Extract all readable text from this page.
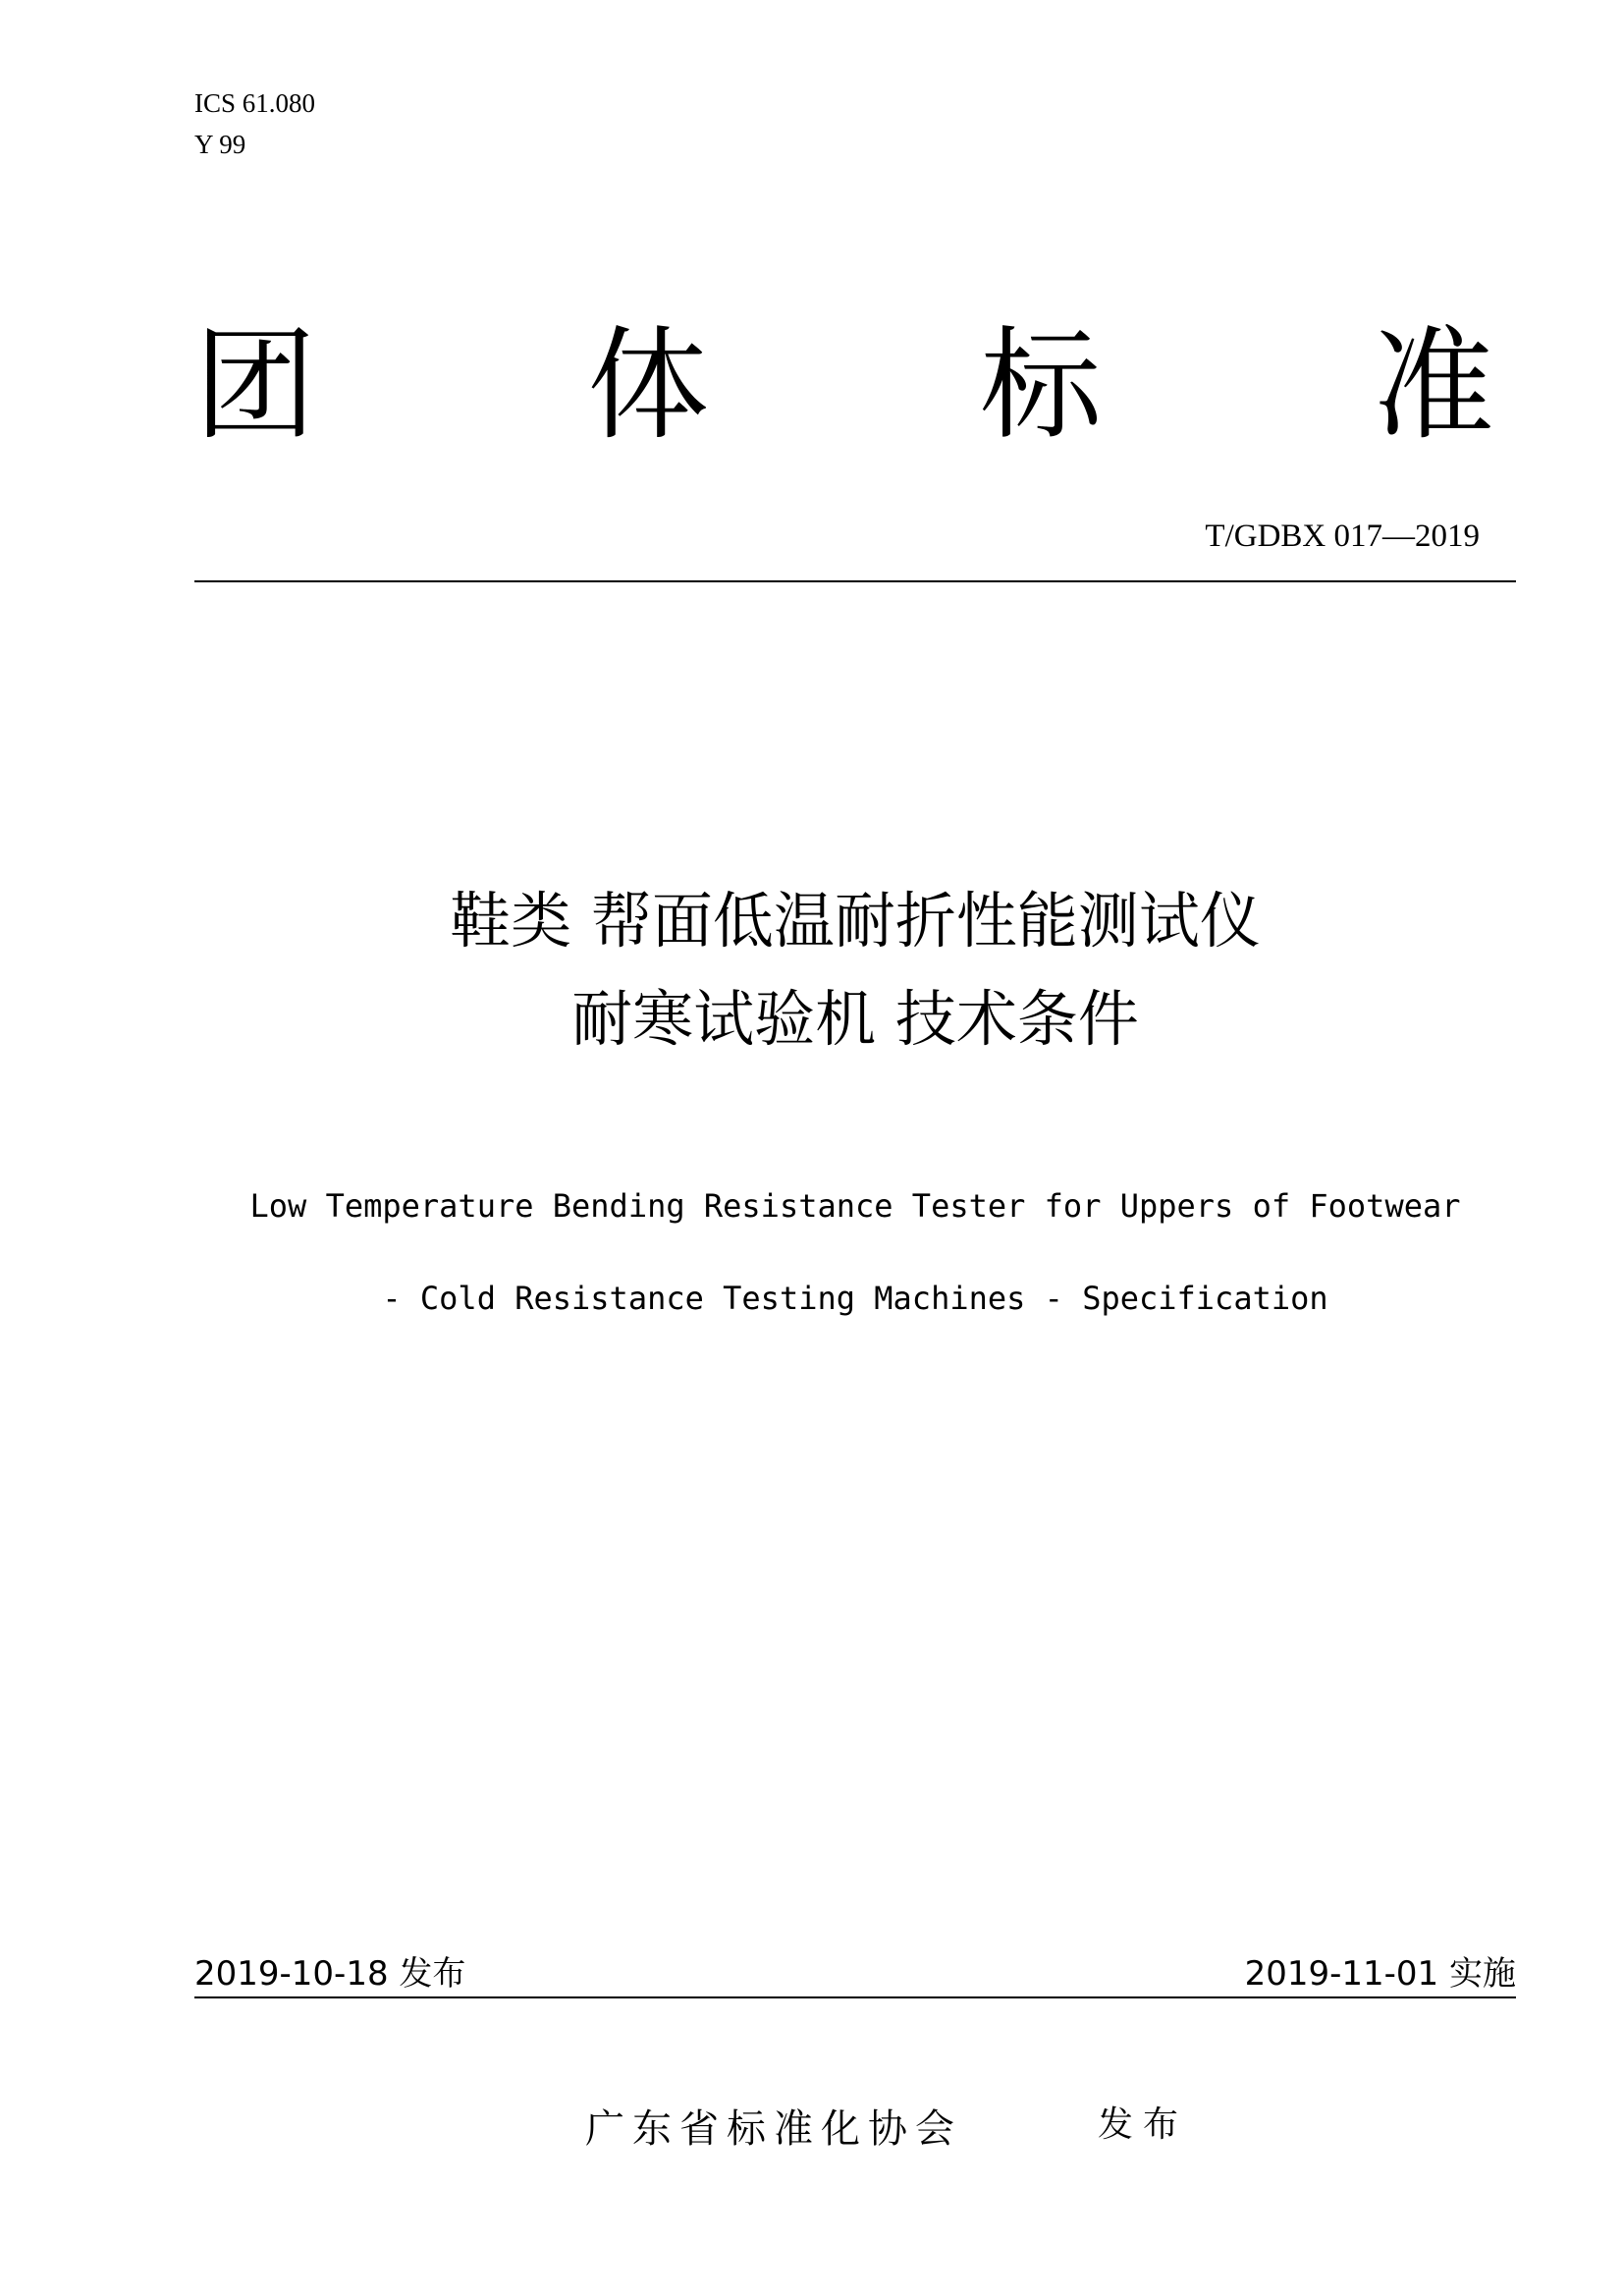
ICS 61.080
Y 99
团 体 标 准
T/GDBX 017—2019
鞋类 帮面低温耐折性能测试仪
耐寒试验机 技术条件
Low Temperature Bending Resistance Tester for Uppers of Footwear
- Cold Resistance Testing Machines - Specification
2019-10-18 发布	2019-11-01 实施
广东省标准化协会	发布
